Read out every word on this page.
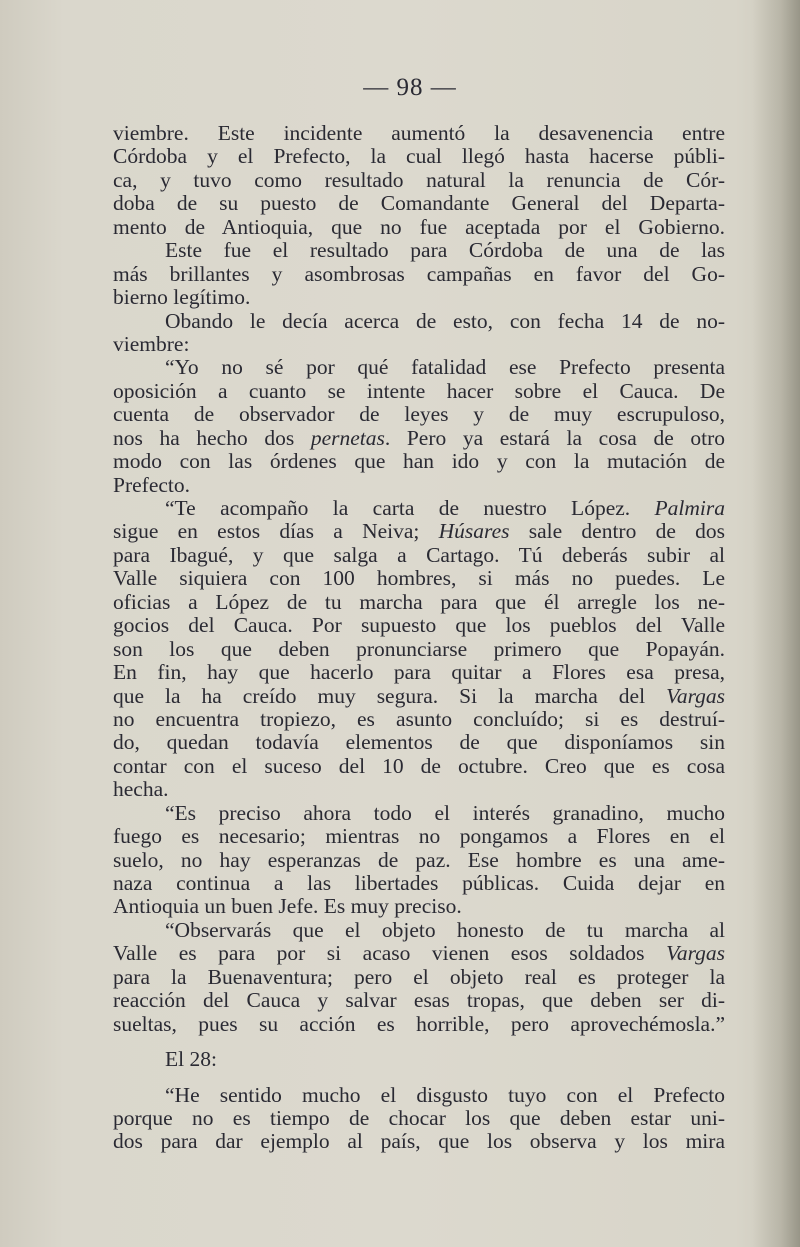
— 98 —
viembre. Este incidente aumentó la desavenencia entre
Córdoba y el Prefecto, la cual llegó hasta hacerse públi-
ca, y tuvo como resultado natural la renuncia de Cór-
doba de su puesto de Comandante General del Departa-
mento de Antioquia, que no fue aceptada por el Gobierno.
Este fue el resultado para Córdoba de una de las
más brillantes y asombrosas campañas en favor del Go-
bierno legítimo.
Obando le decía acerca de esto, con fecha 14 de no-
viembre:
“Yo no sé por qué fatalidad ese Prefecto presenta
oposición a cuanto se intente hacer sobre el Cauca. De
cuenta de observador de leyes y de muy escrupuloso,
nos ha hecho dos pernetas. Pero ya estará la cosa de otro
modo con las órdenes que han ido y con la mutación de
Prefecto.
“Te acompaño la carta de nuestro López. Palmira
sigue en estos días a Neiva; Húsares sale dentro de dos
para Ibagué, y que salga a Cartago. Tú deberás subir al
Valle siquiera con 100 hombres, si más no puedes. Le
oficias a López de tu marcha para que él arregle los ne-
gocios del Cauca. Por supuesto que los pueblos del Valle
son los que deben pronunciarse primero que Popayán.
En fin, hay que hacerlo para quitar a Flores esa presa,
que la ha creído muy segura. Si la marcha del Vargas
no encuentra tropiezo, es asunto concluído; si es destruí-
do, quedan todavía elementos de que disponíamos sin
contar con el suceso del 10 de octubre. Creo que es cosa
hecha.
“Es preciso ahora todo el interés granadino, mucho
fuego es necesario; mientras no pongamos a Flores en el
suelo, no hay esperanzas de paz. Ese hombre es una ame-
naza continua a las libertades públicas. Cuida dejar en
Antioquia un buen Jefe. Es muy preciso.
“Observarás que el objeto honesto de tu marcha al
Valle es para por si acaso vienen esos soldados Vargas
para la Buenaventura; pero el objeto real es proteger la
reacción del Cauca y salvar esas tropas, que deben ser di-
sueltas, pues su acción es horrible, pero aprovechémosla.”
El 28:
“He sentido mucho el disgusto tuyo con el Prefecto
porque no es tiempo de chocar los que deben estar uni-
dos para dar ejemplo al país, que los observa y los mira
